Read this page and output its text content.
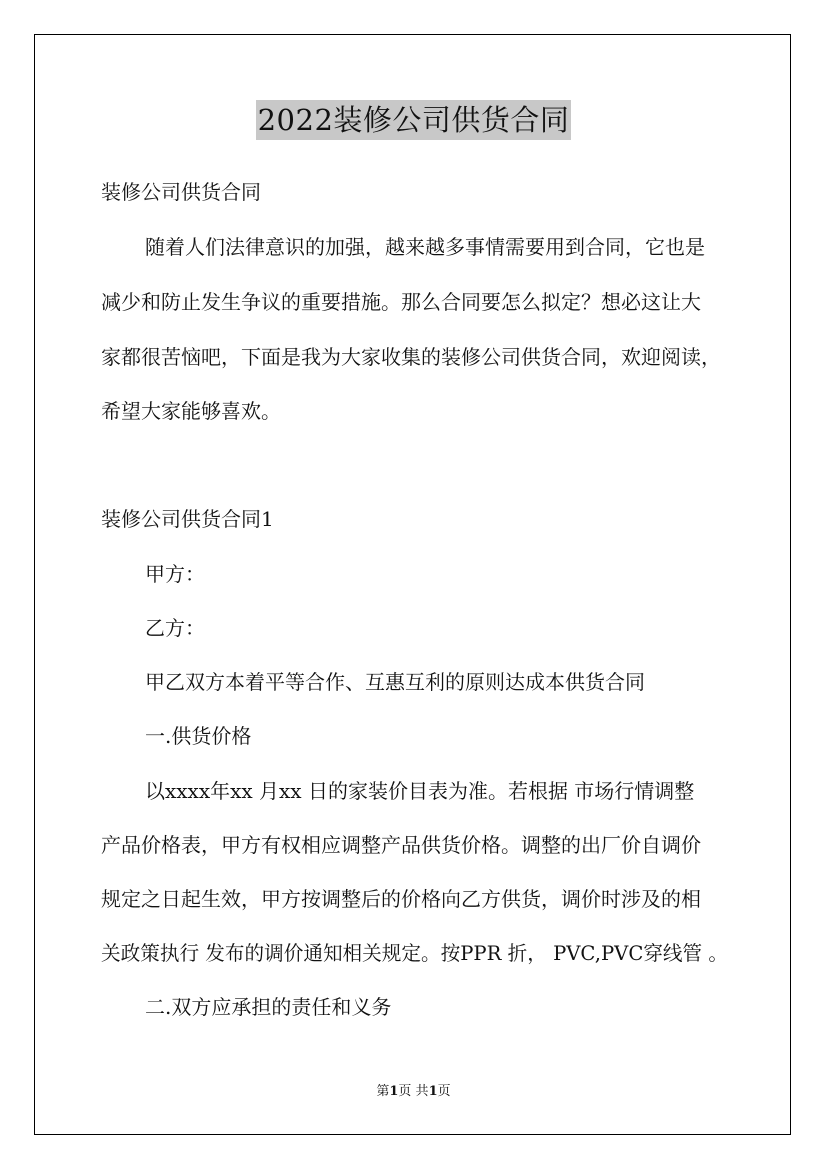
2022装修公司供货合同
装修公司供货合同
随着人们法律意识的加强，越来越多事情需要用到合同，它也是
减少和防止发生争议的重要措施。那么合同要怎么拟定？想必这让大
家都很苦恼吧，下面是我为大家收集的装修公司供货合同，欢迎阅读，
希望大家能够喜欢。
装修公司供货合同1
甲方：
乙方：
甲乙双方本着平等合作、互惠互利的原则达成本供货合同
一.供货价格
以xxxx年xx 月xx 日的家装价目表为准。若根据 市场行情调整
产品价格表，甲方有权相应调整产品供货价格。调整的出厂价自调价
规定之日起生效，甲方按调整后的价格向乙方供货，调价时涉及的相
关政策执行 发布的调价通知相关规定。按PPR 折， PVC,PVC穿线管 。
二.双方应承担的责任和义务
第1页 共1页
